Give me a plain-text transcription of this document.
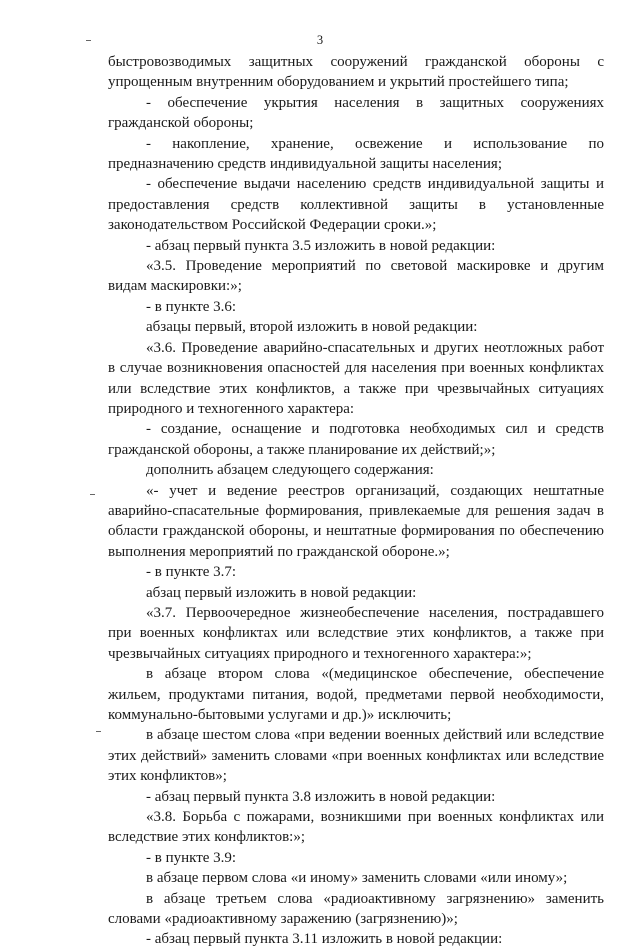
3

быстровозводимых защитных сооружений гражданской обороны с упрощенным внутренним оборудованием и укрытий простейшего типа;

- обеспечение укрытия населения в защитных сооружениях гражданской обороны;

- накопление, хранение, освежение и использование по предназначению средств индивидуальной защиты населения;

- обеспечение выдачи населению средств индивидуальной защиты и предоставления средств коллективной защиты в установленные законодательством Российской Федерации сроки.»;

- абзац первый пункта 3.5 изложить в новой редакции:

«3.5. Проведение мероприятий по световой маскировке и другим видам маскировки:»;

- в пункте 3.6:

абзацы первый, второй изложить в новой редакции:

«3.6. Проведение аварийно-спасательных и других неотложных работ в случае возникновения опасностей для населения при военных конфликтах или вследствие этих конфликтов, а также при чрезвычайных ситуациях природного и техногенного характера:

- создание, оснащение и подготовка необходимых сил и средств гражданской обороны, а также планирование их действий;»;

дополнить абзацем следующего содержания:

«- учет и ведение реестров организаций, создающих нештатные аварийно-спасательные формирования, привлекаемые для решения задач в области гражданской обороны, и нештатные формирования по обеспечению выполнения мероприятий по гражданской обороне.»;

- в пункте 3.7:

абзац первый изложить в новой редакции:

«3.7. Первоочередное жизнеобеспечение населения, пострадавшего при военных конфликтах или вследствие этих конфликтов, а также при чрезвычайных ситуациях природного и техногенного характера:»;

в абзаце втором слова «(медицинское обеспечение, обеспечение жильем, продуктами питания, водой, предметами первой необходимости, коммунально-бытовыми услугами и др.)» исключить;

в абзаце шестом слова «при ведении военных действий или вследствие этих действий» заменить словами «при военных конфликтах или вследствие этих конфликтов»;

- абзац первый пункта 3.8 изложить в новой редакции:

«3.8. Борьба с пожарами, возникшими при военных конфликтах или вследствие этих конфликтов:»;

- в пункте 3.9:

в абзаце первом слова «и иному» заменить словами «или иному»;

в абзаце третьем слова «радиоактивному загрязнению» заменить словами «радиоактивному заражению (загрязнению)»;

- абзац первый пункта 3.11 изложить в новой редакции:
